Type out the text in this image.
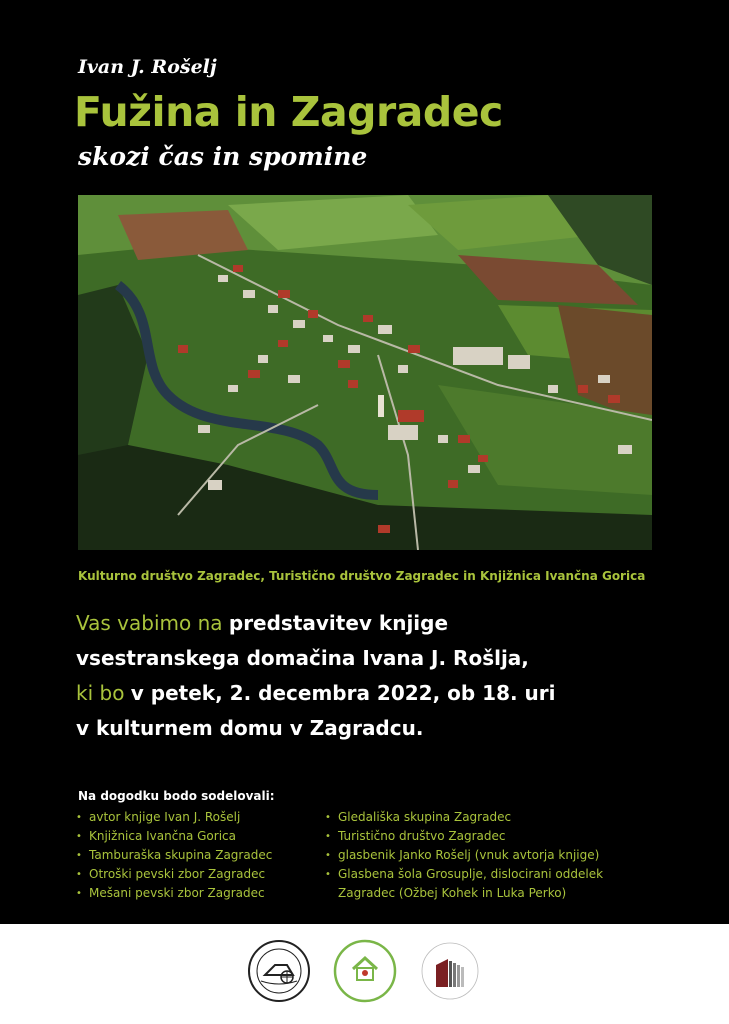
Ivan J. Rošelj
Fužina in Zagradec
skozi čas in spomine
Kulturno društvo Zagradec, Turistično društvo Zagradec in Knjižnica Ivančna Gorica
Vas vabimo na predstavitev knjige
vsestranskega domačina Ivana J. Rošlja,
ki bo v petek, 2. decembra 2022, ob 18. uri
v kulturnem domu v Zagradcu.
Na dogodku bodo sodelovali:
• avtor knjige Ivan J. Rošelj
• Knjižnica Ivančna Gorica
• Tamburaška skupina Zagradec
• Otroški pevski zbor Zagradec
• Mešani pevski zbor Zagradec
• Gledališka skupina Zagradec
• Turistično društvo Zagradec
• glasbenik Janko Rošelj (vnuk avtorja knjige)
• Glasbena šola Grosuplje, dislocirani oddelek Zagradec (Ožbej Kohek in Luka Perko)
